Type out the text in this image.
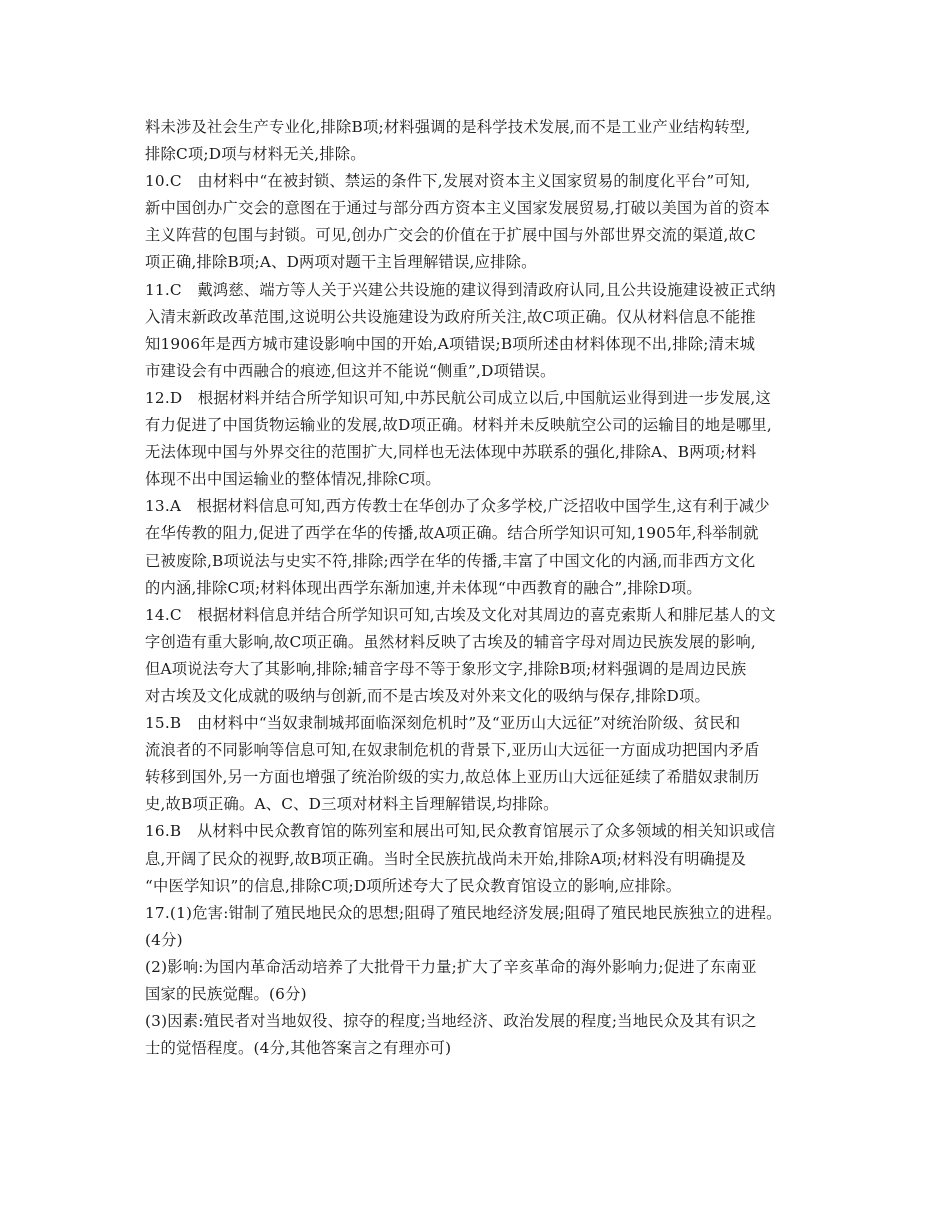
料未涉及社会生产专业化,排除B项;材料强调的是科学技术发展,而不是工业产业结构转型,
排除C项;D项与材料无关,排除。
10.C　由材料中“在被封锁、禁运的条件下,发展对资本主义国家贸易的制度化平台”可知,
新中国创办广交会的意图在于通过与部分西方资本主义国家发展贸易,打破以美国为首的资本
主义阵营的包围与封锁。可见,创办广交会的价值在于扩展中国与外部世界交流的渠道,故C
项正确,排除B项;A、D两项对题干主旨理解错误,应排除。
11.C　戴鸿慈、端方等人关于兴建公共设施的建议得到清政府认同,且公共设施建设被正式纳
入清末新政改革范围,这说明公共设施建设为政府所关注,故C项正确。仅从材料信息不能推
知1906年是西方城市建设影响中国的开始,A项错误;B项所述由材料体现不出,排除;清末城
市建设会有中西融合的痕迹,但这并不能说“侧重”,D项错误。
12.D　根据材料并结合所学知识可知,中苏民航公司成立以后,中国航运业得到进一步发展,这
有力促进了中国货物运输业的发展,故D项正确。材料并未反映航空公司的运输目的地是哪里,
无法体现中国与外界交往的范围扩大,同样也无法体现中苏联系的强化,排除A、B两项;材料
体现不出中国运输业的整体情况,排除C项。
13.A　根据材料信息可知,西方传教士在华创办了众多学校,广泛招收中国学生,这有利于减少
在华传教的阻力,促进了西学在华的传播,故A项正确。结合所学知识可知,1905年,科举制就
已被废除,B项说法与史实不符,排除;西学在华的传播,丰富了中国文化的内涵,而非西方文化
的内涵,排除C项;材料体现出西学东渐加速,并未体现“中西教育的融合”,排除D项。
14.C　根据材料信息并结合所学知识可知,古埃及文化对其周边的喜克索斯人和腓尼基人的文
字创造有重大影响,故C项正确。虽然材料反映了古埃及的辅音字母对周边民族发展的影响,
但A项说法夸大了其影响,排除;辅音字母不等于象形文字,排除B项;材料强调的是周边民族
对古埃及文化成就的吸纳与创新,而不是古埃及对外来文化的吸纳与保存,排除D项。
15.B　由材料中“当奴隶制城邦面临深刻危机时”及“亚历山大远征”对统治阶级、贫民和
流浪者的不同影响等信息可知,在奴隶制危机的背景下,亚历山大远征一方面成功把国内矛盾
转移到国外,另一方面也增强了统治阶级的实力,故总体上亚历山大远征延续了希腊奴隶制历
史,故B项正确。A、C、D三项对材料主旨理解错误,均排除。
16.B　从材料中民众教育馆的陈列室和展出可知,民众教育馆展示了众多领域的相关知识或信
息,开阔了民众的视野,故B项正确。当时全民族抗战尚未开始,排除A项;材料没有明确提及
“中医学知识”的信息,排除C项;D项所述夸大了民众教育馆设立的影响,应排除。
17.(1)危害:钳制了殖民地民众的思想;阻碍了殖民地经济发展;阻碍了殖民地民族独立的进程。
(4分)
(2)影响:为国内革命活动培养了大批骨干力量;扩大了辛亥革命的海外影响力;促进了东南亚
国家的民族觉醒。(6分)
(3)因素:殖民者对当地奴役、掠夺的程度;当地经济、政治发展的程度;当地民众及其有识之
士的觉悟程度。(4分,其他答案言之有理亦可)
